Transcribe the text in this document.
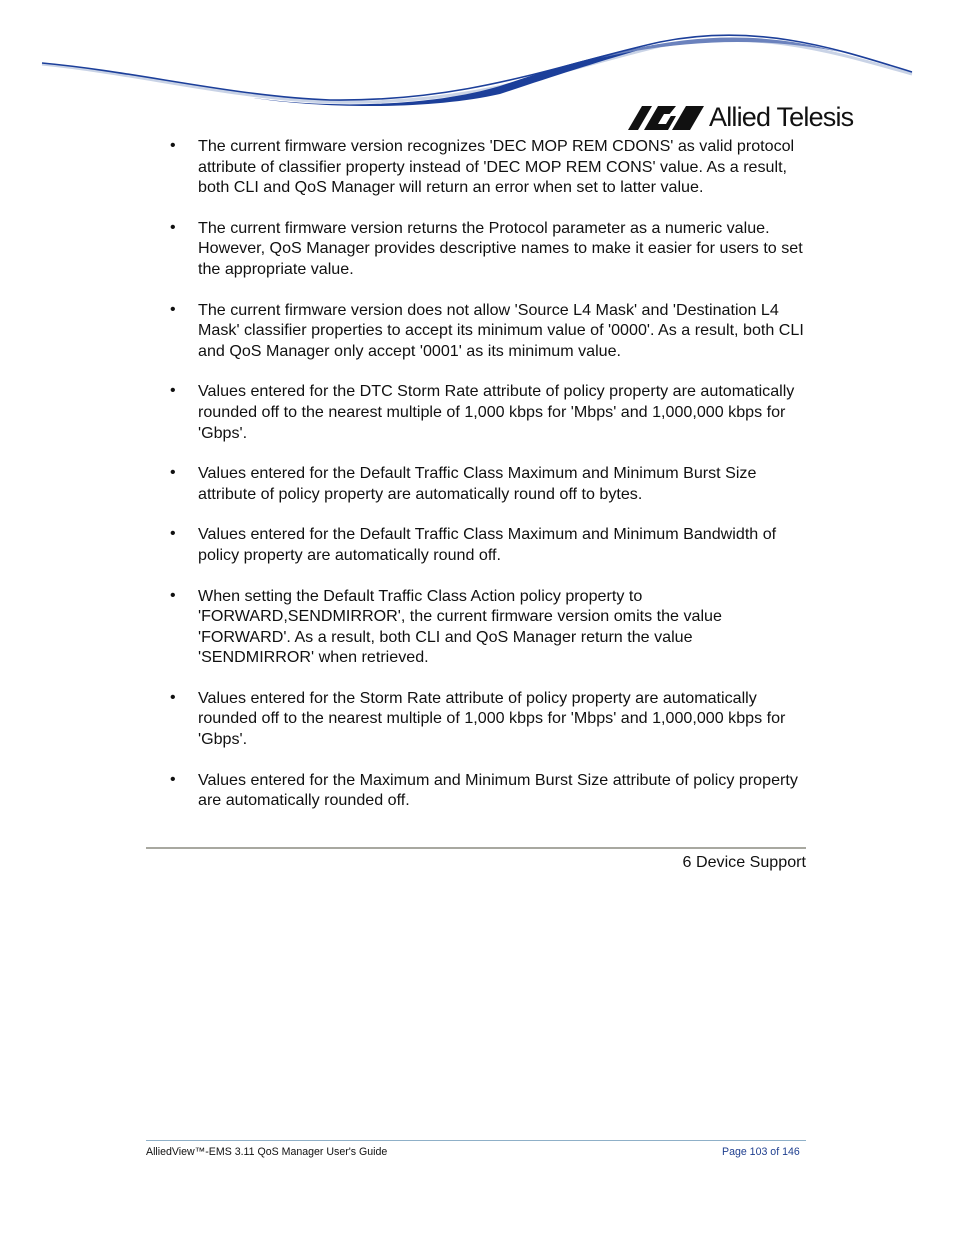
Allied Telesis
• The current firmware version recognizes 'DEC MOP REM CDONS' as valid protocol attribute of classifier property instead of 'DEC MOP REM CONS' value. As a result, both CLI and QoS Manager will return an error when set to latter value.
• The current firmware version returns the Protocol parameter as a numeric value. However, QoS Manager provides descriptive names to make it easier for users to set the appropriate value.
• The current firmware version does not allow 'Source L4 Mask' and 'Destination L4 Mask' classifier properties to accept its minimum value of '0000'. As a result, both CLI and QoS Manager only accept '0001' as its minimum value.
• Values entered for the DTC Storm Rate attribute of policy property are automatically rounded off to the nearest multiple of 1,000 kbps for 'Mbps' and 1,000,000 kbps for 'Gbps'.
• Values entered for the Default Traffic Class Maximum and Minimum Burst Size attribute of policy property are automatically round off to bytes.
• Values entered for the Default Traffic Class Maximum and Minimum Bandwidth of policy property are automatically round off.
• When setting the Default Traffic Class Action policy property to 'FORWARD,SENDMIRROR', the current firmware version omits the value 'FORWARD'. As a result, both CLI and QoS Manager return the value 'SENDMIRROR' when retrieved.
• Values entered for the Storm Rate attribute of policy property are automatically rounded off to the nearest multiple of 1,000 kbps for 'Mbps' and 1,000,000 kbps for 'Gbps'.
• Values entered for the Maximum and Minimum Burst Size attribute of policy property are automatically rounded off.
6 Device Support
AlliedView™-EMS 3.11 QoS Manager User's Guide	Page 103 of 146
